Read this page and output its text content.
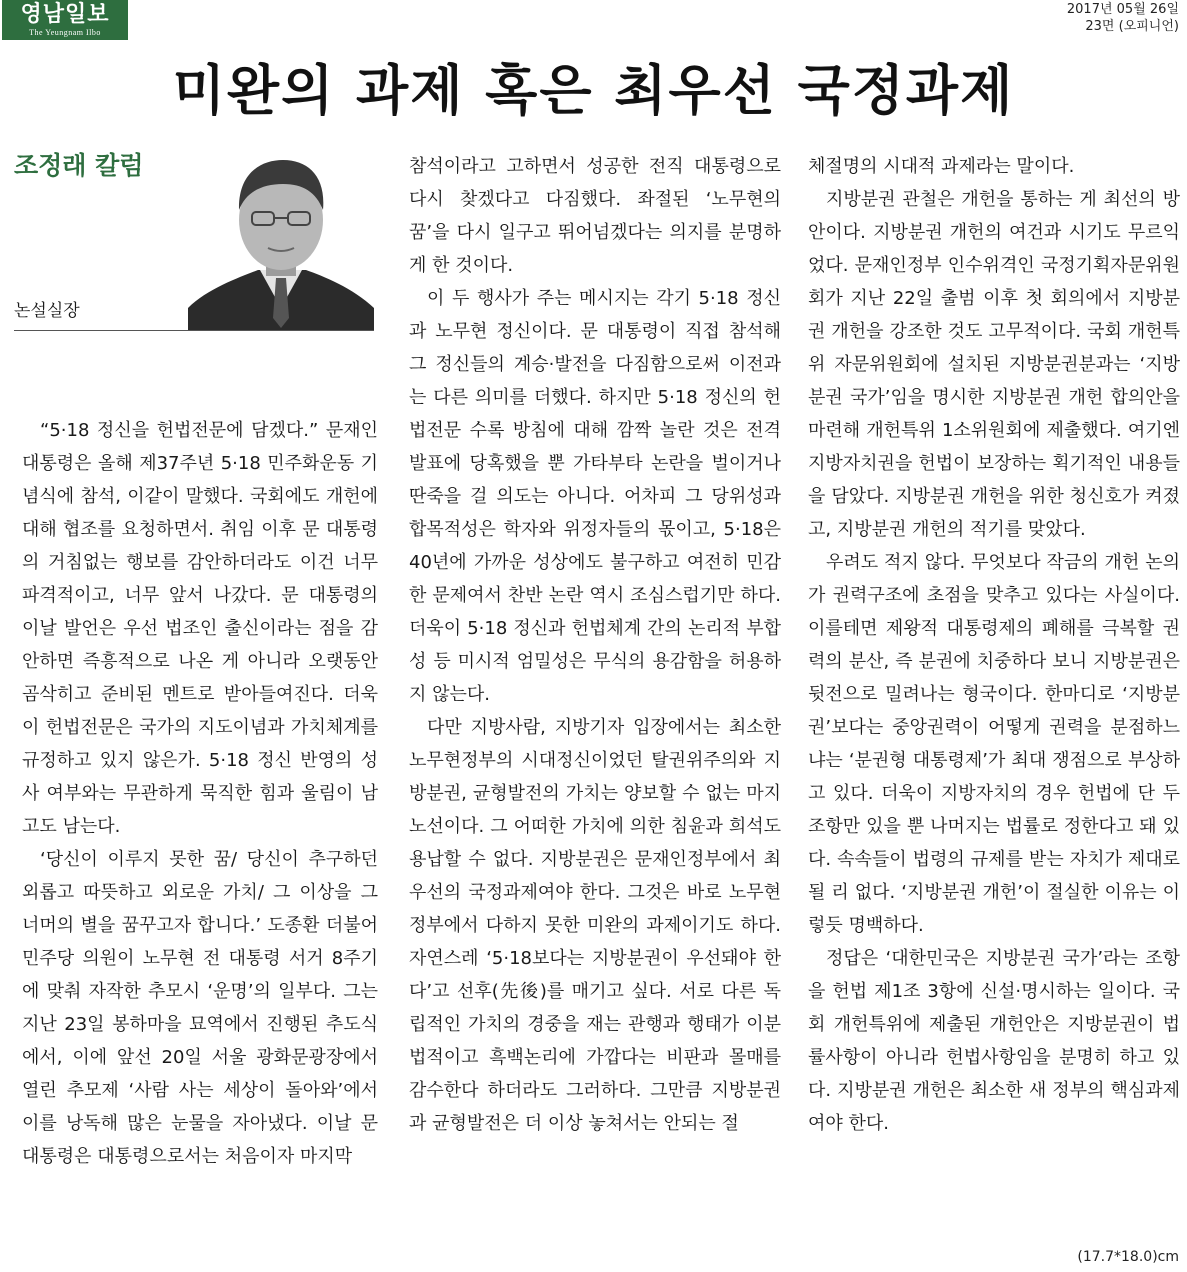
영남일보
The Yeungnam Ilbo
2017년 05월 26일
23면 (오피니언)
미완의 과제 혹은 최우선 국정과제
조정래 칼럼
논설실장

“5·18 정신을 헌법전문에 담겠다.” 문재인 대통령은 올해 제37주년 5·18 민주화운동 기념식에 참석, 이같이 말했다. 국회에도 개헌에 대해 협조를 요청하면서. 취임 이후 문 대통령의 거침없는 행보를 감안하더라도 이건 너무 파격적이고, 너무 앞서 나갔다. 문 대통령의 이날 발언은 우선 법조인 출신이라는 점을 감안하면 즉흥적으로 나온 게 아니라 오랫동안 곰삭히고 준비된 멘트로 받아들여진다. 더욱이 헌법전문은 국가의 지도이념과 가치체계를 규정하고 있지 않은가. 5·18 정신 반영의 성사 여부와는 무관하게 묵직한 힘과 울림이 남고도 남는다.

‘당신이 이루지 못한 꿈/ 당신이 추구하던 외롭고 따뜻하고 외로운 가치/ 그 이상을 그 너머의 별을 꿈꾸고자 합니다.’ 도종환 더불어민주당 의원이 노무현 전 대통령 서거 8주기에 맞춰 자작한 추모시 ‘운명’의 일부다. 그는 지난 23일 봉하마을 묘역에서 진행된 추도식에서, 이에 앞선 20일 서울 광화문광장에서 열린 추모제 ‘사람 사는 세상이 돌아와’에서 이를 낭독해 많은 눈물을 자아냈다. 이날 문 대통령은 대통령으로서는 처음이자 마지막

참석이라고 고하면서 성공한 전직 대통령으로 다시 찾겠다고 다짐했다. 좌절된 ‘노무현의 꿈’을 다시 일구고 뛰어넘겠다는 의지를 분명하게 한 것이다.

이 두 행사가 주는 메시지는 각기 5·18 정신과 노무현 정신이다. 문 대통령이 직접 참석해 그 정신들의 계승·발전을 다짐함으로써 이전과는 다른 의미를 더했다. 하지만 5·18 정신의 헌법전문 수록 방침에 대해 깜짝 놀란 것은 전격 발표에 당혹했을 뿐 가타부타 논란을 벌이거나 딴죽을 걸 의도는 아니다. 어차피 그 당위성과 합목적성은 학자와 위정자들의 몫이고, 5·18은 40년에 가까운 성상에도 불구하고 여전히 민감한 문제여서 찬반 논란 역시 조심스럽기만 하다. 더욱이 5·18 정신과 헌법체계 간의 논리적 부합성 등 미시적 엄밀성은 무식의 용감함을 허용하지 않는다.

다만 지방사람, 지방기자 입장에서는 최소한 노무현정부의 시대정신이었던 탈권위주의와 지방분권, 균형발전의 가치는 양보할 수 없는 마지노선이다. 그 어떠한 가치에 의한 침윤과 희석도 용납할 수 없다. 지방분권은 문재인정부에서 최우선의 국정과제여야 한다. 그것은 바로 노무현 정부에서 다하지 못한 미완의 과제이기도 하다. 자연스레 ‘5·18보다는 지방분권이 우선돼야 한다’고 선후(先後)를 매기고 싶다. 서로 다른 독립적인 가치의 경중을 재는 관행과 행태가 이분법적이고 흑백논리에 가깝다는 비판과 몰매를 감수한다 하더라도 그러하다. 그만큼 지방분권과 균형발전은 더 이상 놓쳐서는 안되는 절

체절명의 시대적 과제라는 말이다.

지방분권 관철은 개헌을 통하는 게 최선의 방안이다. 지방분권 개헌의 여건과 시기도 무르익었다. 문재인정부 인수위격인 국정기획자문위원회가 지난 22일 출범 이후 첫 회의에서 지방분권 개헌을 강조한 것도 고무적이다. 국회 개헌특위 자문위원회에 설치된 지방분권분과는 ‘지방분권 국가’임을 명시한 지방분권 개헌 합의안을 마련해 개헌특위 1소위원회에 제출했다. 여기엔 지방자치권을 헌법이 보장하는 획기적인 내용들을 담았다. 지방분권 개헌을 위한 청신호가 켜졌고, 지방분권 개헌의 적기를 맞았다.

우려도 적지 않다. 무엇보다 작금의 개헌 논의가 권력구조에 초점을 맞추고 있다는 사실이다. 이를테면 제왕적 대통령제의 폐해를 극복할 권력의 분산, 즉 분권에 치중하다 보니 지방분권은 뒷전으로 밀려나는 형국이다. 한마디로 ‘지방분권’보다는 중앙권력이 어떻게 권력을 분점하느냐는 ‘분권형 대통령제’가 최대 쟁점으로 부상하고 있다. 더욱이 지방자치의 경우 헌법에 단 두 조항만 있을 뿐 나머지는 법률로 정한다고 돼 있다. 속속들이 법령의 규제를 받는 자치가 제대로 될 리 없다. ‘지방분권 개헌’이 절실한 이유는 이렇듯 명백하다.

정답은 ‘대한민국은 지방분권 국가’라는 조항을 헌법 제1조 3항에 신설·명시하는 일이다. 국회 개헌특위에 제출된 개헌안은 지방분권이 법률사항이 아니라 헌법사항임을 분명히 하고 있다. 지방분권 개헌은 최소한 새 정부의 핵심과제여야 한다.

(17.7*18.0)cm
